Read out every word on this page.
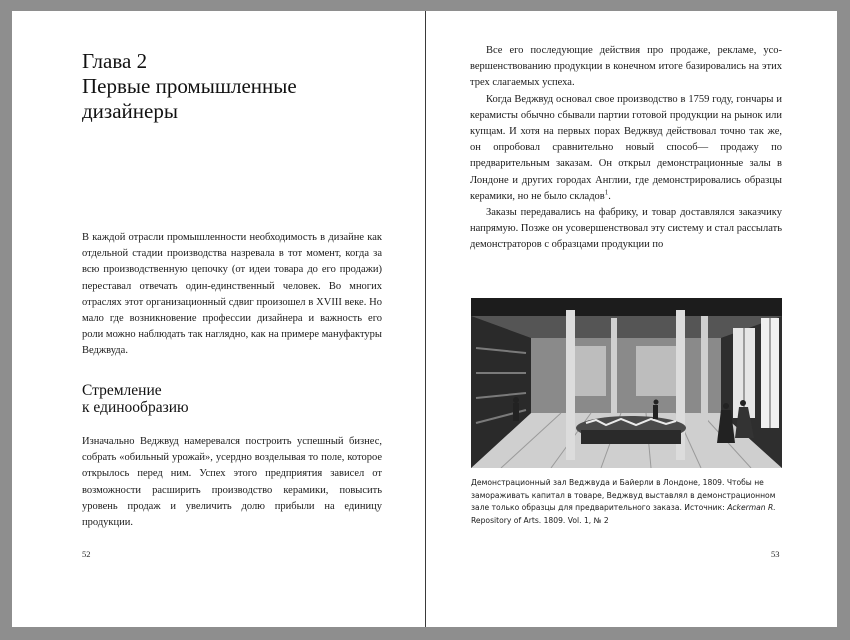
Глава 2
Первые промышленные
дизайнеры

В каждой отрасли промышленности необходимость в дизайне как отдельной стадии производства назревала в тот момент, когда за всю производственную цепочку (от идеи товара до его продажи) переставал отвечать один-единственный человек. Во многих отраслях этот организационный сдвиг произошел в XVIII веке. Но мало где возникновение профессии дизайнера и важность его роли можно наблюдать так наглядно, как на примере мануфактуры Веджвуда.

Стремление
к единообразию

Изначально Веджвуд намеревался построить успешный бизнес, собрать «обильный урожай», усердно возделывая то поле, которое открылось перед ним. Успех этого предприятия зависел от возможности расширить производство керамики, повысить уровень продаж и увеличить долю прибыли на единицу продукции.

52

Все его последующие действия про продаже, рекламе, усовершенствованию продукции в конечном итоге базировались на этих трех слагаемых успеха.

Когда Веджвуд основал свое производство в 1759 году, гончары и керамисты обычно сбывали партии готовой продукции на рынок или купцам. И хотя на первых порах Веджвуд действовал точно так же, он опробовал сравнительно новый способ— продажу по предварительным заказам. Он открыл демонстрационные залы в Лондоне и других городах Англии, где демонстрировались образцы керамики, но не было складов$^1$.

Заказы передавались на фабрику, и товар доставлялся заказчику напрямую. Позже он усовершенствовал эту систему и стал рассылать демонстраторов с образцами продукции по

Демонстрационный зал Веджвуда и Байерли в Лондоне, 1809. Чтобы не замораживать капитал в товаре, Веджвуд выставлял в демонстрационном зале только образцы для предварительного заказа. Источник: Ackerman R. Repository of Arts. 1809. Vol. 1, № 2

53
